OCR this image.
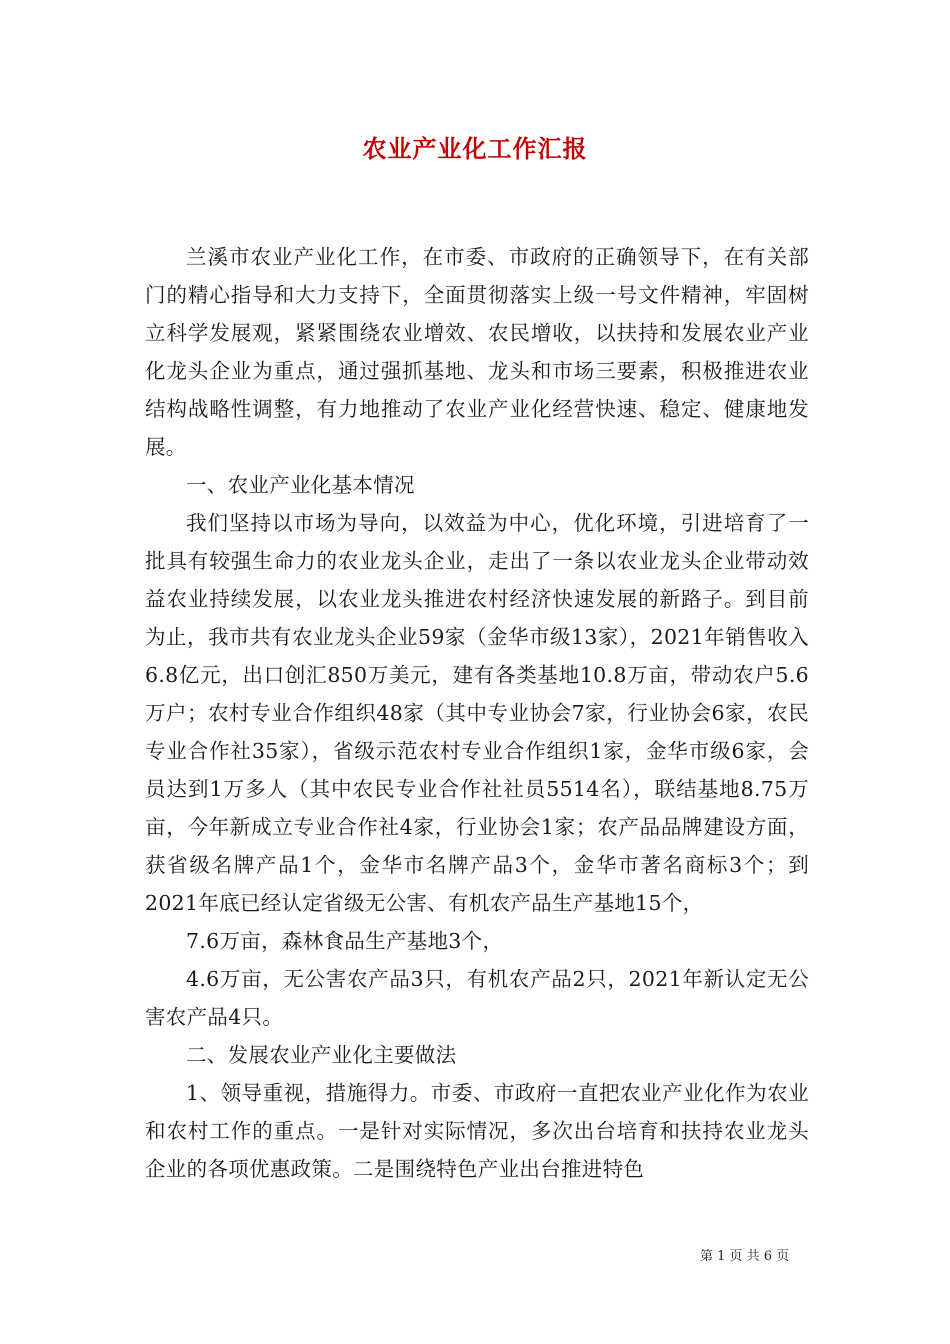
农业产业化工作汇报

兰溪市农业产业化工作，在市委、市政府的正确领导下，在有关部门的精心指导和大力支持下，全面贯彻落实上级一号文件精神，牢固树立科学发展观，紧紧围绕农业增效、农民增收，以扶持和发展农业产业化龙头企业为重点，通过强抓基地、龙头和市场三要素，积极推进农业结构战略性调整，有力地推动了农业产业化经营快速、稳定、健康地发展。

一、农业产业化基本情况

我们坚持以市场为导向，以效益为中心，优化环境，引进培育了一批具有较强生命力的农业龙头企业，走出了一条以农业龙头企业带动效益农业持续发展，以农业龙头推进农村经济快速发展的新路子。到目前为止，我市共有农业龙头企业59家（金华市级13家），2021年销售收入6.8亿元，出口创汇850万美元，建有各类基地10.8万亩，带动农户5.6万户；农村专业合作组织48家（其中专业协会7家，行业协会6家，农民专业合作社35家），省级示范农村专业合作组织1家，金华市级6家，会员达到1万多人（其中农民专业合作社社员5514名），联结基地8.75万亩，今年新成立专业合作社4家，行业协会1家；农产品品牌建设方面，获省级名牌产品1个，金华市名牌产品3个，金华市著名商标3个；到2021年底已经认定省级无公害、有机农产品生产基地15个，

7.6万亩，森林食品生产基地3个，

4.6万亩，无公害农产品3只，有机农产品2只，2021年新认定无公害农产品4只。

二、发展农业产业化主要做法

1、领导重视，措施得力。市委、市政府一直把农业产业化作为农业和农村工作的重点。一是针对实际情况，多次出台培育和扶持农业龙头企业的各项优惠政策。二是围绕特色产业出台推进特色

第 1 页 共 6 页
